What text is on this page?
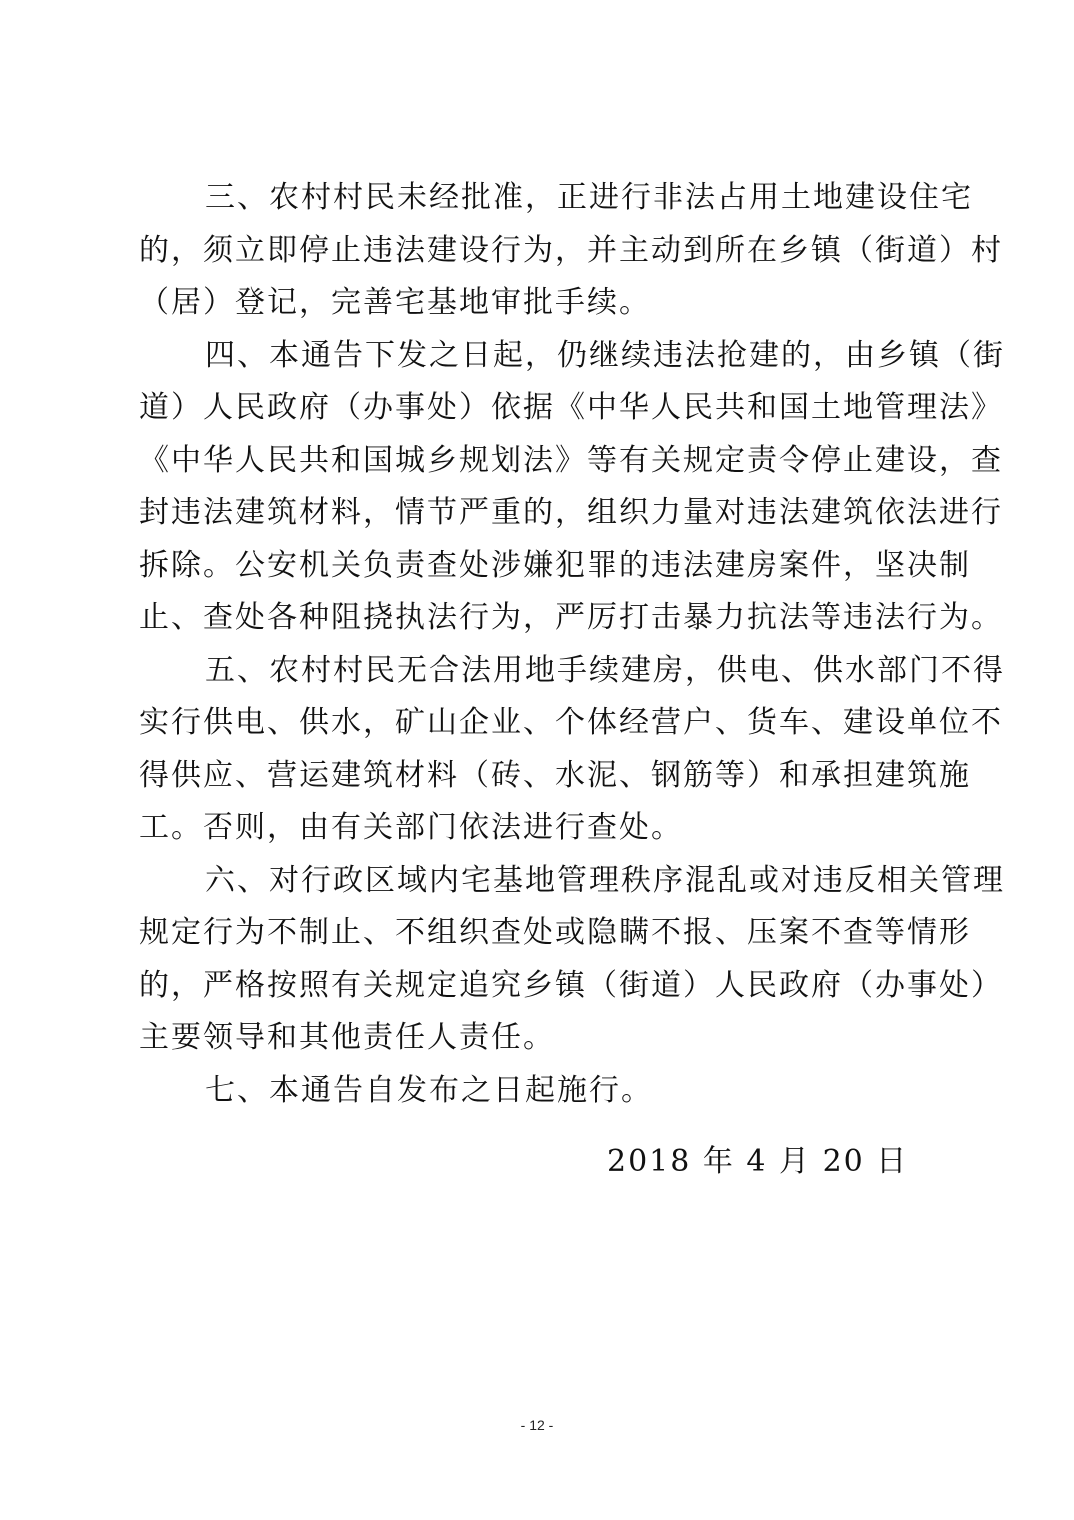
三、农村村民未经批准，正进行非法占用土地建设住宅
的，须立即停止违法建设行为，并主动到所在乡镇（街道）村
（居）登记，完善宅基地审批手续。

四、本通告下发之日起，仍继续违法抢建的，由乡镇（街
道）人民政府（办事处）依据《中华人民共和国土地管理法》
《中华人民共和国城乡规划法》等有关规定责令停止建设，查
封违法建筑材料，情节严重的，组织力量对违法建筑依法进行
拆除。公安机关负责查处涉嫌犯罪的违法建房案件，坚决制
止、查处各种阻挠执法行为，严厉打击暴力抗法等违法行为。

五、农村村民无合法用地手续建房，供电、供水部门不得
实行供电、供水，矿山企业、个体经营户、货车、建设单位不
得供应、营运建筑材料（砖、水泥、钢筋等）和承担建筑施
工。否则，由有关部门依法进行查处。

六、对行政区域内宅基地管理秩序混乱或对违反相关管理
规定行为不制止、不组织查处或隐瞒不报、压案不查等情形
的，严格按照有关规定追究乡镇（街道）人民政府（办事处）
主要领导和其他责任人责任。

七、本通告自发布之日起施行。

2018 年 4 月 20 日
- 12 -
